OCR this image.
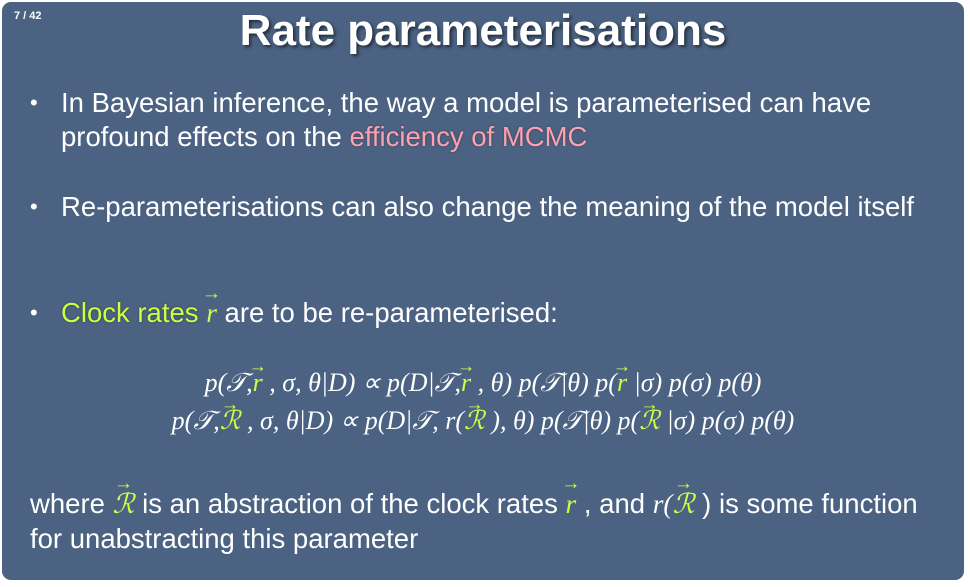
7 / 42	Rate parameterisations
• In Bayesian inference, the way a model is parameterised can have profound effects on the efficiency of MCMC
• Re-parameterisations can also change the meaning of the model itself
• Clock rates → r are to be re-parameterised:
p(𝒯,→ r , σ, θ|D) ∝ p(D|𝒯,→ r , θ) p(𝒯|θ) p(→ r |σ) p(σ) p(θ)
p(𝒯,→ ℛ , σ, θ|D) ∝ p(D|𝒯, r(→ ℛ ), θ) p(𝒯|θ) p(→ ℛ |σ) p(σ) p(θ)
where → ℛ is an abstraction of the clock rates → r , and r(→ ℛ ) is some function for unabstracting this parameter
